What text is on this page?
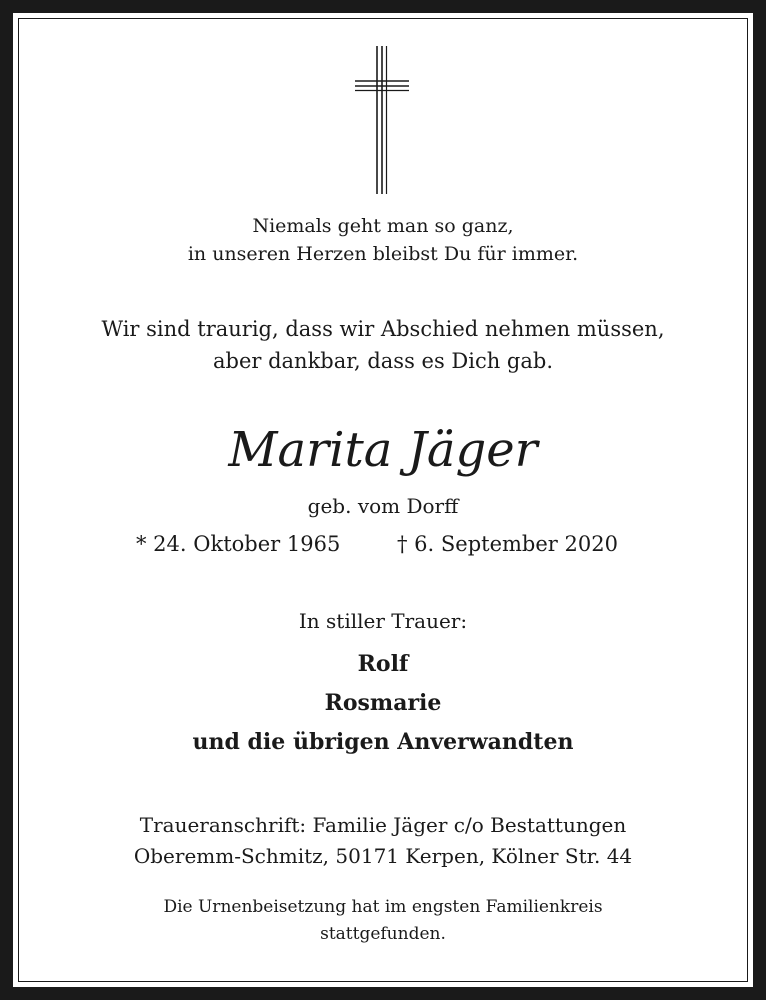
Niemals geht man so ganz,
in unseren Herzen bleibst Du für immer.
Wir sind traurig, dass wir Abschied nehmen müssen,
aber dankbar, dass es Dich gab.
Marita Jäger
geb. vom Dorff
* 24. Oktober 1965	† 6. September 2020
In stiller Trauer:
Rolf
Rosmarie
und die übrigen Anverwandten
Traueranschrift: Familie Jäger c/o Bestattungen
Oberemm-Schmitz, 50171 Kerpen, Kölner Str. 44
Die Urnenbeisetzung hat im engsten Familienkreis
stattgefunden.
